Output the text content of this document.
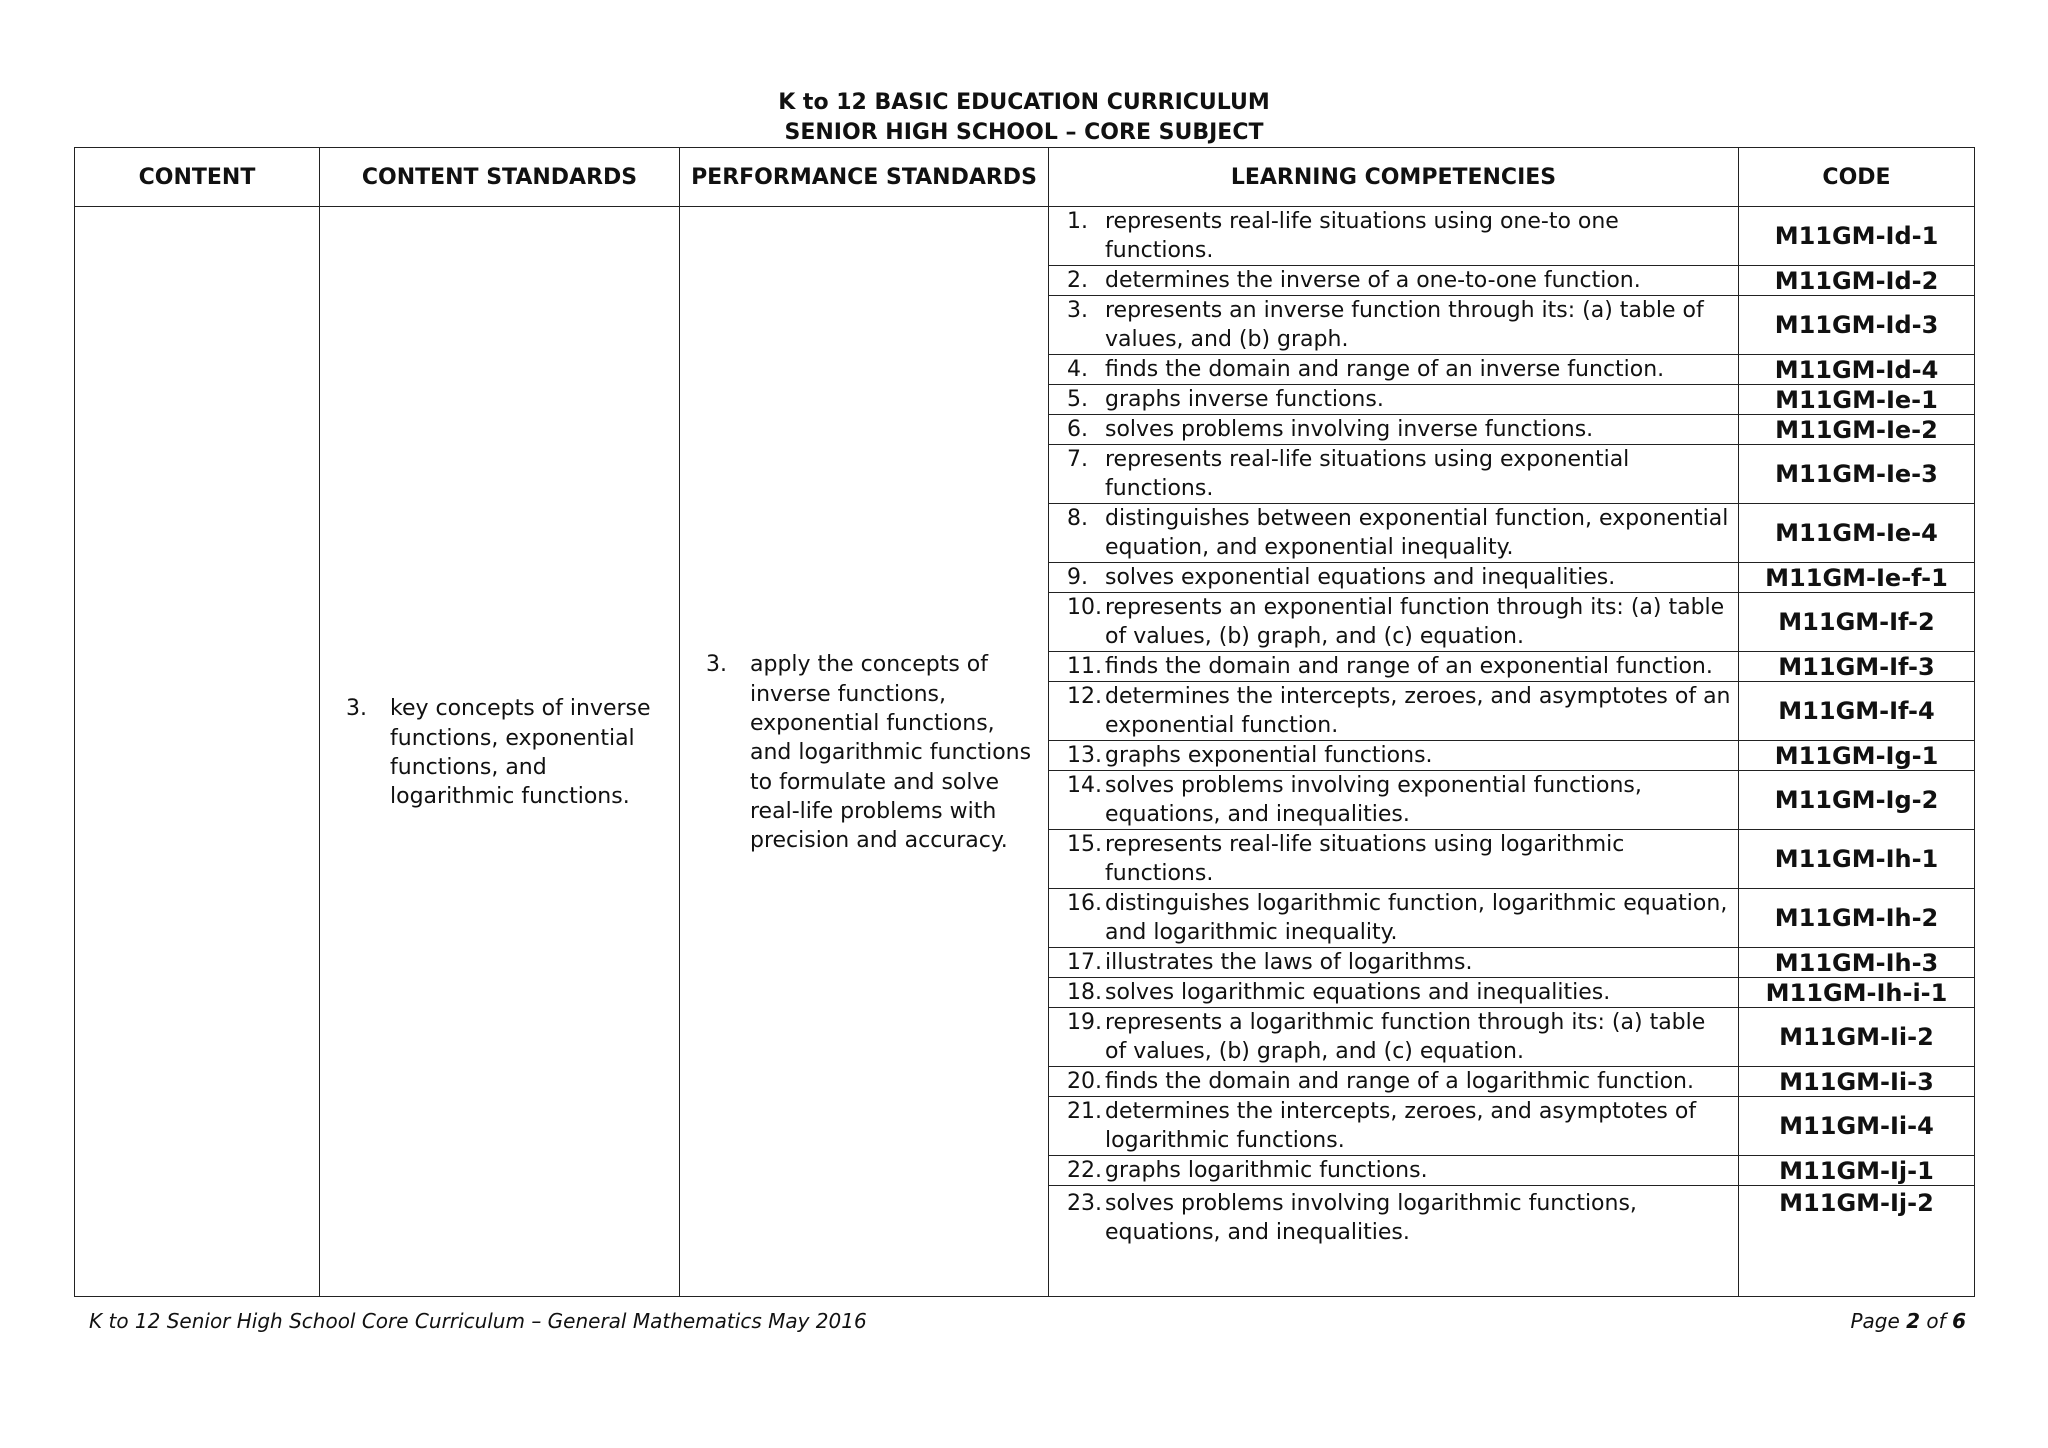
K to 12 BASIC EDUCATION CURRICULUM
SENIOR HIGH SCHOOL – CORE SUBJECT
CONTENT	CONTENT STANDARDS	PERFORMANCE STANDARDS	LEARNING COMPETENCIES	CODE

	3. key concepts of inverse functions, exponential functions, and logarithmic functions.	3. apply the concepts of inverse functions, exponential functions, and logarithmic functions to formulate and solve real-life problems with precision and accuracy.	1. represents real-life situations using one-to one functions.	M11GM-Id-1

			2. determines the inverse of a one-to-one function.	M11GM-Id-2

			3. represents an inverse function through its: (a) table of values, and (b) graph.	M11GM-Id-3

			4. finds the domain and range of an inverse function.	M11GM-Id-4

			5. graphs inverse functions.	M11GM-Ie-1

			6. solves problems involving inverse functions.	M11GM-Ie-2

			7. represents real-life situations using exponential functions.	M11GM-Ie-3

			8. distinguishes between exponential function, exponential equation, and exponential inequality.	M11GM-Ie-4

			9. solves exponential equations and inequalities.	M11GM-Ie-f-1

			10. represents an exponential function through its: (a) table of values, (b) graph, and (c) equation.	M11GM-If-2

			11. finds the domain and range of an exponential function.	M11GM-If-3

			12. determines the intercepts, zeroes, and asymptotes of an exponential function.	M11GM-If-4

			13. graphs exponential functions.	M11GM-Ig-1

			14. solves problems involving exponential functions, equations, and inequalities.	M11GM-Ig-2

			15. represents real-life situations using logarithmic functions.	M11GM-Ih-1

			16. distinguishes logarithmic function, logarithmic equation, and logarithmic inequality.	M11GM-Ih-2

			17. illustrates the laws of logarithms.	M11GM-Ih-3

			18. solves logarithmic equations and inequalities.	M11GM-Ih-i-1

			19. represents a logarithmic function through its: (a) table of values, (b) graph, and (c) equation.	M11GM-Ii-2

			20. finds the domain and range of a logarithmic function.	M11GM-Ii-3

			21. determines the intercepts, zeroes, and asymptotes of logarithmic functions.	M11GM-Ii-4

			22. graphs logarithmic functions.	M11GM-Ij-1

			23. solves problems involving logarithmic functions, equations, and inequalities.	M11GM-Ij-2
K to 12 Senior High School Core Curriculum – General Mathematics May 2016	Page 2 of 6
